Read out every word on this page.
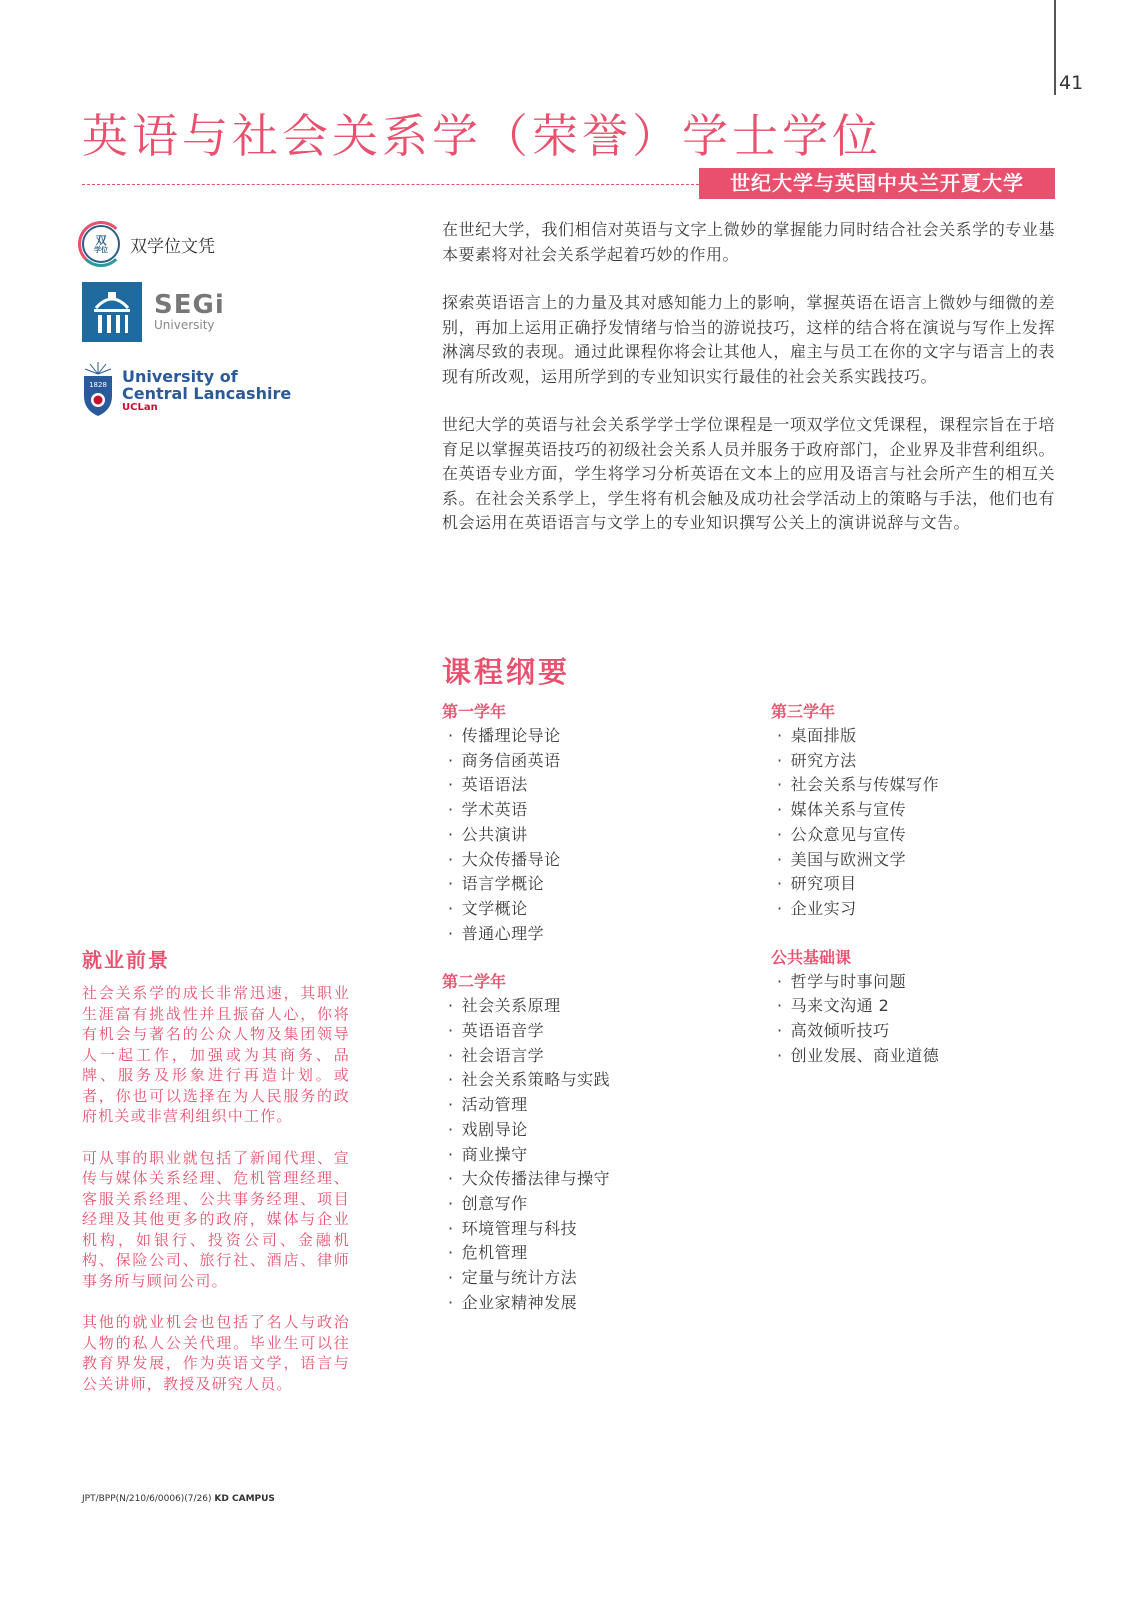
41
英语与社会关系学（荣誉）学士学位
世纪大学与英国中央兰开夏大学
双
学位 双学位文凭
SEGi
University
1828 University of
Central Lancashire
UCLan

在世纪大学，我们相信对英语与文字上微妙的掌握能力同时结合社会关系学的专业基本要素将对社会关系学起着巧妙的作用。

探索英语语言上的力量及其对感知能力上的影响，掌握英语在语言上微妙与细微的差别，再加上运用正确抒发情绪与恰当的游说技巧，这样的结合将在演说与写作上发挥淋漓尽致的表现。通过此课程你将会让其他人，雇主与员工在你的文字与语言上的表现有所改观，运用所学到的专业知识实行最佳的社会关系实践技巧。

世纪大学的英语与社会关系学学士学位课程是一项双学位文凭课程，课程宗旨在于培育足以掌握英语技巧的初级社会关系人员并服务于政府部门，企业界及非营利组织。在英语专业方面，学生将学习分析英语在文本上的应用及语言与社会所产生的相互关系。在社会关系学上，学生将有机会触及成功社会学活动上的策略与手法，他们也有机会运用在英语语言与文学上的专业知识撰写公关上的演讲说辞与文告。

课程纲要
第一学年
· 传播理论导论
· 商务信函英语
· 英语语法
· 学术英语
· 公共演讲
· 大众传播导论
· 语言学概论
· 文学概论
· 普通心理学
第二学年
· 社会关系原理
· 英语语音学
· 社会语言学
· 社会关系策略与实践
· 活动管理
· 戏剧导论
· 商业操守
· 大众传播法律与操守
· 创意写作
· 环境管理与科技
· 危机管理
· 定量与统计方法
· 企业家精神发展
第三学年
· 桌面排版
· 研究方法
· 社会关系与传媒写作
· 媒体关系与宣传
· 公众意见与宣传
· 美国与欧洲文学
· 研究项目
· 企业实习
公共基础课
· 哲学与时事问题
· 马来文沟通 2
· 高效倾听技巧
· 创业发展、商业道德
就业前景

社会关系学的成长非常迅速，其职业生涯富有挑战性并且振奋人心，你将有机会与著名的公众人物及集团领导人一起工作，加强或为其商务、品牌、服务及形象进行再造计划。或者，你也可以选择在为人民服务的政府机关或非营利组织中工作。

可从事的职业就包括了新闻代理、宣传与媒体关系经理、危机管理经理、客服关系经理、公共事务经理、项目经理及其他更多的政府，媒体与企业机构，如银行、投资公司、金融机构、保险公司、旅行社、酒店、律师事务所与顾问公司。

其他的就业机会也包括了名人与政治人物的私人公关代理。毕业生可以往教育界发展，作为英语文学，语言与公关讲师，教授及研究人员。

JPT/BPP(N/210/6/0006)(7/26) KD CAMPUS
